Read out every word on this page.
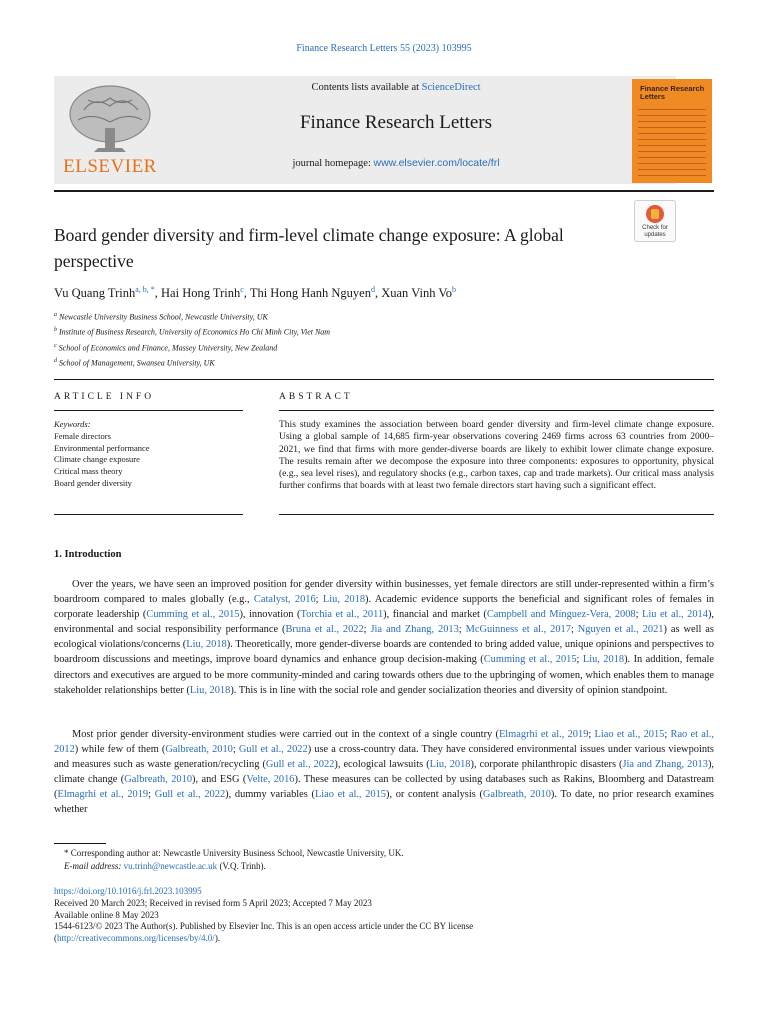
Finance Research Letters 55 (2023) 103995
ELSEVIER
Contents lists available at ScienceDirect
Finance Research Letters
journal homepage: www.elsevier.com/locate/frl
Finance Research Letters
Check for updates
Board gender diversity and firm-level climate change exposure: A global perspective
Vu Quang Trinh$^{a, b, *}$, Hai Hong Trinh$^c$, Thi Hong Hanh Nguyen$^d$, Xuan Vinh Vo$^b$
$^a$ Newcastle University Business School, Newcastle University, UK
$^b$ Institute of Business Research, University of Economics Ho Chi Minh City, Viet Nam
$^c$ School of Economics and Finance, Massey University, New Zealand
$^d$ School of Management, Swansea University, UK
ARTICLE INFO	ABSTRACT
Keywords:
Female directors
Environmental performance
Climate change exposure
Critical mass theory
Board gender diversity
This study examines the association between board gender diversity and firm-level climate change exposure. Using a global sample of 14,685 firm-year observations covering 2469 firms across 63 countries from 2000–2021, we find that firms with more gender-diverse boards are likely to exhibit lower climate change exposure. The results remain after we decompose the exposure into three components: exposures to opportunity, physical (e.g., sea level rises), and regulatory shocks (e.g., carbon taxes, cap and trade markets). Our critical mass analysis further confirms that boards with at least two female directors start having such a significant effect.
1. Introduction

Over the years, we have seen an improved position for gender diversity within businesses, yet female directors are still under-represented within a firm’s boardroom compared to males globally (e.g., Catalyst, 2016; Liu, 2018). Academic evidence supports the beneficial and significant roles of females in corporate leadership (Cumming et al., 2015), innovation (Torchia et al., 2011), financial and market (Campbell and Mínguez-Vera, 2008; Liu et al., 2014), environmental and social responsibility performance (Bruna et al., 2022; Jia and Zhang, 2013; McGuinness et al., 2017; Nguyen et al., 2021) as well as ecological violations/concerns (Liu, 2018). Theoretically, more gender-diverse boards are contended to bring added value, unique opinions and perspectives to boardroom discussions and meetings, improve board dynamics and enhance group decision-making (Cumming et al., 2015; Liu, 2018). In addition, female directors and executives are argued to be more community-minded and caring towards others due to the upbringing of women, which enables them to manage stakeholder relationships better (Liu, 2018). This is in line with the social role and gender socialization theories and diversity of opinion standpoint.

Most prior gender diversity-environment studies were carried out in the context of a single country (Elmagrhi et al., 2019; Liao et al., 2015; Rao et al., 2012) while few of them (Galbreath, 2010; Gull et al., 2022) use a cross-country data. They have considered environmental issues under various viewpoints and measures such as waste generation/recycling (Gull et al., 2022), ecological lawsuits (Liu, 2018), corporate philanthropic disasters (Jia and Zhang, 2013), climate change (Galbreath, 2010), and ESG (Velte, 2016). These measures can be collected by using databases such as Rakins, Bloomberg and Datastream (Elmagrhi et al., 2019; Gull et al., 2022), dummy variables (Liao et al., 2015), or content analysis (Galbreath, 2010). To date, no prior research examines whether

* Corresponding author at: Newcastle University Business School, Newcastle University, UK.
E-mail address: vu.trinh@newcastle.ac.uk (V.Q. Trinh).
https://doi.org/10.1016/j.frl.2023.103995
Received 20 March 2023; Received in revised form 5 April 2023; Accepted 7 May 2023
Available online 8 May 2023
1544-6123/© 2023 The Author(s). Published by Elsevier Inc. This is an open access article under the CC BY license
(http://creativecommons.org/licenses/by/4.0/).
